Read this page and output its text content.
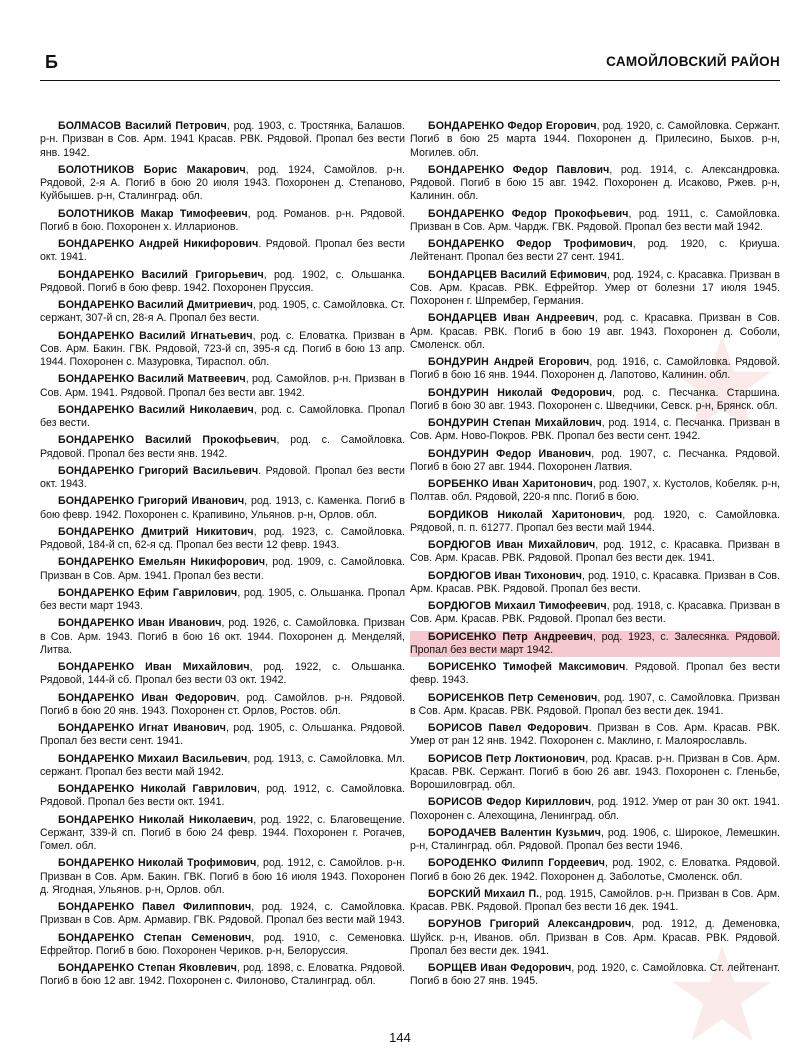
Б	САМОЙЛОВСКИЙ РАЙОН
БОЛМАСОВ Василий Петрович, род. 1903, с. Тростянка, Балашов. р-н. Призван в Сов. Арм. 1941 Красав. РВК. Рядовой. Пропал без вести янв. 1942.
БОЛОТНИКОВ Борис Макарович, род. 1924, Самойлов. р-н. Рядовой, 2-я А. Погиб в бою 20 июля 1943. Похоронен д. Степаново, Куйбышев. р-н, Сталинград. обл.
БОЛОТНИКОВ Макар Тимофеевич, род. Романов. р-н. Рядовой. Погиб в бою. Похоронен х. Илларионов.
БОНДАРЕНКО Андрей Никифорович. Рядовой. Пропал без вести окт. 1941.
БОНДАРЕНКО Василий Григорьевич, род. 1902, с. Ольшанка. Рядовой. Погиб в бою февр. 1942. Похоронен Пруссия.
БОНДАРЕНКО Василий Дмитриевич, род. 1905, с. Самойловка. Ст. сержант, 307-й сп, 28-я А. Пропал без вести.
БОНДАРЕНКО Василий Игнатьевич, род. с. Еловатка. Призван в Сов. Арм. Бакин. ГВК. Рядовой, 723-й сп, 395-я сд. Погиб в бою 13 апр. 1944. Похоронен с. Мазуровка, Тираспол. обл.
БОНДАРЕНКО Василий Матвеевич, род. Самойлов. р-н. Призван в Сов. Арм. 1941. Рядовой. Пропал без вести авг. 1942.
БОНДАРЕНКО Василий Николаевич, род. с. Самойловка. Пропал без вести.
БОНДАРЕНКО Василий Прокофьевич, род. с. Самойловка. Рядовой. Пропал без вести янв. 1942.
БОНДАРЕНКО Григорий Васильевич. Рядовой. Пропал без вести окт. 1943.
БОНДАРЕНКО Григорий Иванович, род. 1913, с. Каменка. Погиб в бою февр. 1942. Похоронен с. Крапивино, Ульянов. р-н, Орлов. обл.
БОНДАРЕНКО Дмитрий Никитович, род. 1923, с. Самойловка. Рядовой, 184-й сп, 62-я сд. Пропал без вести 12 февр. 1943.
БОНДАРЕНКО Емельян Никифорович, род. 1909, с. Самойловка. Призван в Сов. Арм. 1941. Пропал без вести.
БОНДАРЕНКО Ефим Гаврилович, род. 1905, с. Ольшанка. Пропал без вести март 1943.
БОНДАРЕНКО Иван Иванович, род. 1926, с. Самойловка. Призван в Сов. Арм. 1943. Погиб в бою 16 окт. 1944. Похоронен д. Менделяй, Литва.
БОНДАРЕНКО Иван Михайлович, род. 1922, с. Ольшанка. Рядовой, 144-й сб. Пропал без вести 03 окт. 1942.
БОНДАРЕНКО Иван Федорович, род. Самойлов. р-н. Рядовой. Погиб в бою 20 янв. 1943. Похоронен ст. Орлов, Ростов. обл.
БОНДАРЕНКО Игнат Иванович, род. 1905, с. Ольшанка. Рядовой. Пропал без вести сент. 1941.
БОНДАРЕНКО Михаил Васильевич, род. 1913, с. Самойловка. Мл. сержант. Пропал без вести май 1942.
БОНДАРЕНКО Николай Гаврилович, род. 1912, с. Самойловка. Рядовой. Пропал без вести окт. 1941.
БОНДАРЕНКО Николай Николаевич, род. 1922, с. Благовещение. Сержант, 339-й сп. Погиб в бою 24 февр. 1944. Похоронен г. Рогачев, Гомел. обл.
БОНДАРЕНКО Николай Трофимович, род. 1912, с. Самойлов. р-н. Призван в Сов. Арм. Бакин. ГВК. Погиб в бою 16 июля 1943. Похоронен д. Ягодная, Ульянов. р-н, Орлов. обл.
БОНДАРЕНКО Павел Филиппович, род. 1924, с. Самойловка. Призван в Сов. Арм. Армавир. ГВК. Рядовой. Пропал без вести май 1943.
БОНДАРЕНКО Степан Семенович, род. 1910, с. Семеновка. Ефрейтор. Погиб в бою. Похоронен Чериков. р-н, Белоруссия.
БОНДАРЕНКО Степан Яковлевич, род. 1898, с. Еловатка. Рядовой. Погиб в бою 12 авг. 1942. Похоронен с. Филоново, Сталинград. обл.
БОНДАРЕНКО Федор Егорович, род. 1920, с. Самойловка. Сержант. Погиб в бою 25 марта 1944. Похоронен д. Прилесино, Быхов. р-н, Могилев. обл.
БОНДАРЕНКО Федор Павлович, род. 1914, с. Александровка. Рядовой. Погиб в бою 15 авг. 1942. Похоронен д. Исаково, Ржев. р-н, Калинин. обл.
БОНДАРЕНКО Федор Прокофьевич, род. 1911, с. Самойловка. Призван в Сов. Арм. Чардж. ГВК. Рядовой. Пропал без вести май 1942.
БОНДАРЕНКО Федор Трофимович, род. 1920, с. Криуша. Лейтенант. Пропал без вести 27 сент. 1941.
БОНДАРЦЕВ Василий Ефимович, род. 1924, с. Красавка. Призван в Сов. Арм. Красав. РВК. Ефрейтор. Умер от болезни 17 июля 1945. Похоронен г. Шпрембер, Германия.
БОНДАРЦЕВ Иван Андреевич, род. с. Красавка. Призван в Сов. Арм. Красав. РВК. Погиб в бою 19 авг. 1943. Похоронен д. Соболи, Смоленск. обл.
БОНДУРИН Андрей Егорович, род. 1916, с. Самойловка. Рядовой. Погиб в бою 16 янв. 1944. Похоронен д. Лапотово, Калинин. обл.
БОНДУРИН Николай Федорович, род. с. Песчанка. Старшина. Погиб в бою 30 авг. 1943. Похоронен с. Шведчики, Севск. р-н, Брянск. обл.
БОНДУРИН Степан Михайлович, род. 1914, с. Песчанка. Призван в Сов. Арм. Ново-Покров. РВК. Пропал без вести сент. 1942.
БОНДУРИН Федор Иванович, род. 1907, с. Песчанка. Рядовой. Погиб в бою 27 авг. 1944. Похоронен Латвия.
БОРБЕНКО Иван Харитонович, род. 1907, х. Кустолов, Кобеляк. р-н, Полтав. обл. Рядовой, 220-я ппс. Погиб в бою.
БОРДИКОВ Николай Харитонович, род. 1920, с. Самойловка. Рядовой, п. п. 61277. Пропал без вести май 1944.
БОРДЮГОВ Иван Михайлович, род. 1912, с. Красавка. Призван в Сов. Арм. Красав. РВК. Рядовой. Пропал без вести дек. 1941.
БОРДЮГОВ Иван Тихонович, род. 1910, с. Красавка. Призван в Сов. Арм. Красав. РВК. Рядовой. Пропал без вести.
БОРДЮГОВ Михаил Тимофеевич, род. 1918, с. Красавка. Призван в Сов. Арм. Красав. РВК. Рядовой. Пропал без вести.
БОРИСЕНКО Петр Андреевич, род. 1923, с. Залесянка. Рядовой. Пропал без вести март 1942.
БОРИСЕНКО Тимофей Максимович. Рядовой. Пропал без вести февр. 1943.
БОРИСЕНКОВ Петр Семенович, род. 1907, с. Самойловка. Призван в Сов. Арм. Красав. РВК. Рядовой. Пропал без вести дек. 1941.
БОРИСОВ Павел Федорович. Призван в Сов. Арм. Красав. РВК. Умер от ран 12 янв. 1942. Похоронен с. Маклино, г. Малоярославль.
БОРИСОВ Петр Локтионович, род. Красав. р-н. Призван в Сов. Арм. Красав. РВК. Сержант. Погиб в бою 26 авг. 1943. Похоронен с. Гленьбе, Ворошиловград. обл.
БОРИСОВ Федор Кириллович, род. 1912. Умер от ран 30 окт. 1941. Похоронен с. Алехощина, Ленинград. обл.
БОРОДАЧЕВ Валентин Кузьмич, род. 1906, с. Широкое, Лемешкин. р-н, Сталинград. обл. Рядовой. Пропал без вести 1946.
БОРОДЕНКО Филипп Гордеевич, род. 1902, с. Еловатка. Рядовой. Погиб в бою 26 дек. 1942. Похоронен д. Заболотье, Смоленск. обл.
БОРСКИЙ Михаил П., род. 1915, Самойлов. р-н. Призван в Сов. Арм. Красав. РВК. Рядовой. Пропал без вести 16 дек. 1941.
БОРУНОВ Григорий Александрович, род. 1912, д. Деменовка, Шуйск. р-н, Иванов. обл. Призван в Сов. Арм. Красав. РВК. Рядовой. Пропал без вести дек. 1941.
БОРЩЕВ Иван Федорович, род. 1920, с. Самойловка. Ст. лейтенант. Погиб в бою 27 янв. 1945.
144
